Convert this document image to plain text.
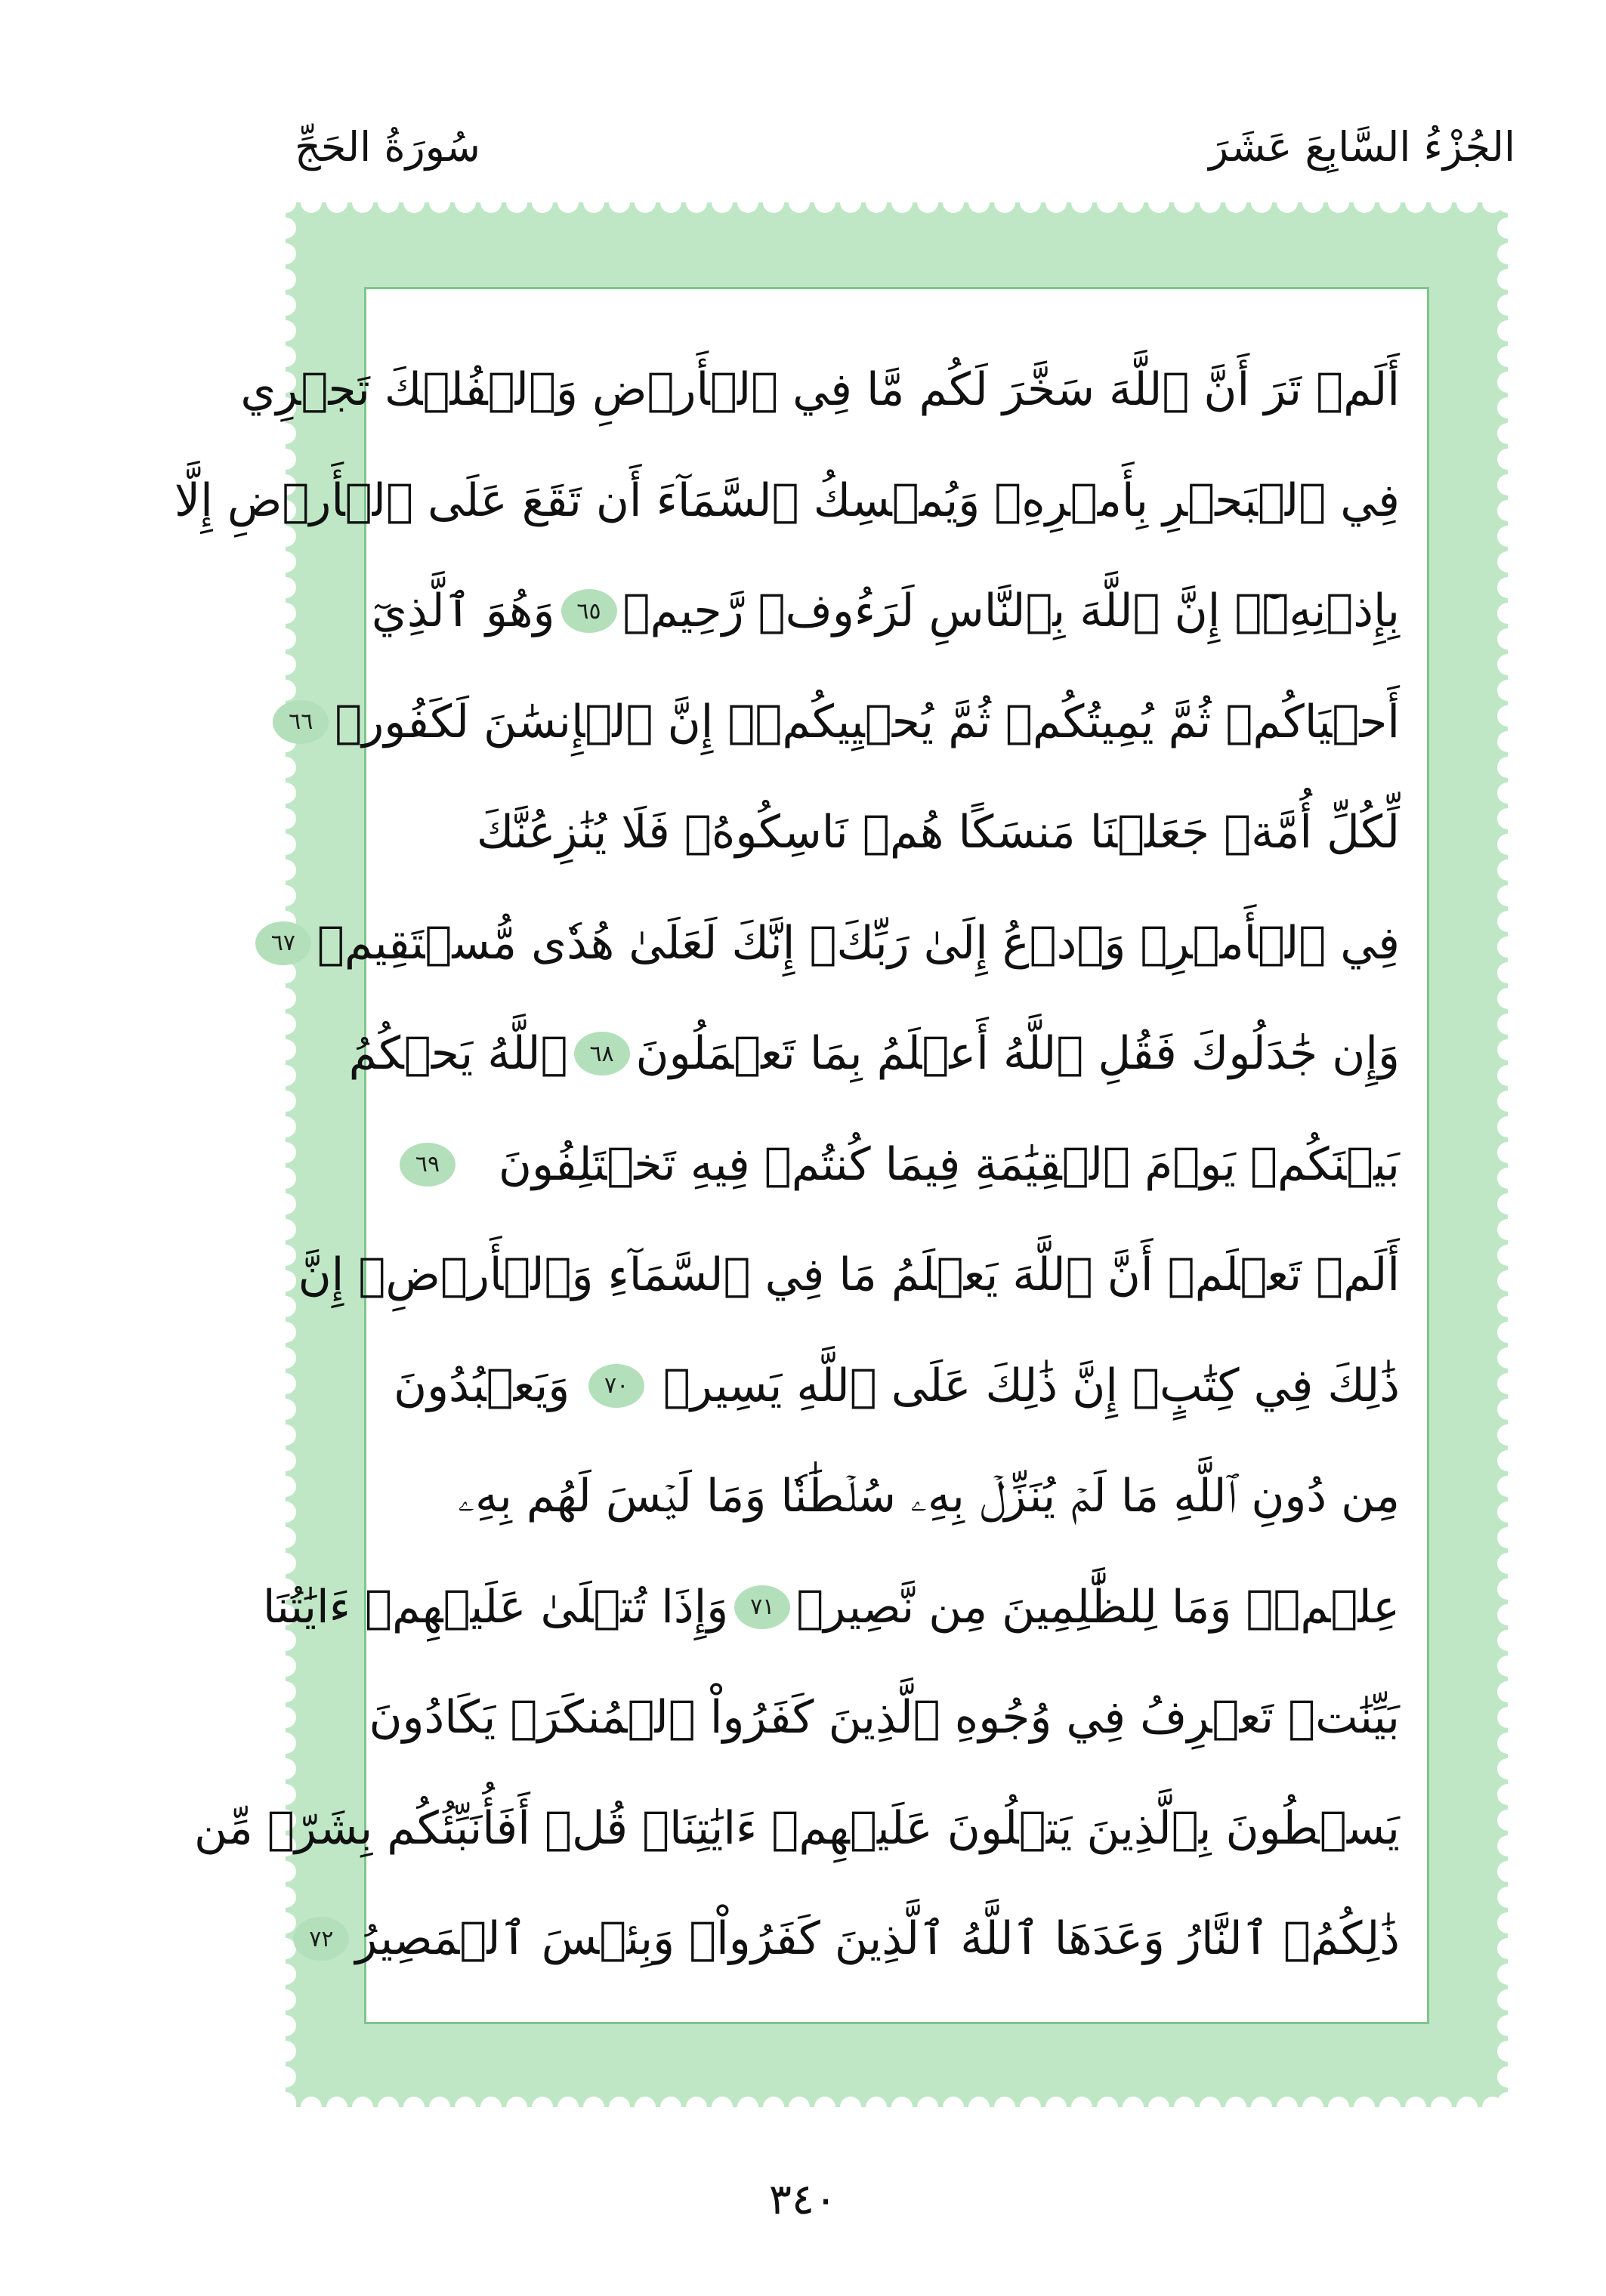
الجُزْءُ السَّابِعَ عَشَرَ
سُورَةُ الحَجِّ
أَلَمۡ تَرَ أَنَّ ٱللَّهَ سَخَّرَ لَكُم مَّا فِي ٱلۡأَرۡضِ وَٱلۡفُلۡكَ تَجۡرِي
فِي ٱلۡبَحۡرِ بِأَمۡرِهِۦ وَيُمۡسِكُ ٱلسَّمَآءَ أَن تَقَعَ عَلَى ٱلۡأَرۡضِ إِلَّا
بِإِذۡنِهِۦٓۚ إِنَّ ٱللَّهَ بِٱلنَّاسِ لَرَءُوفٞ رَّحِيمٞ
٦٥
وَهُوَ ٱلَّذِيٓ
أَحۡيَاكُمۡ ثُمَّ يُمِيتُكُمۡ ثُمَّ يُحۡيِيكُمۡۗ إِنَّ ٱلۡإِنسَٰنَ لَكَفُورٞ
٦٦
لِّكُلِّ أُمَّةٖ جَعَلۡنَا مَنسَكًا هُمۡ نَاسِكُوهُۖ فَلَا يُنَٰزِعُنَّكَ
فِي ٱلۡأَمۡرِۚ وَٱدۡعُ إِلَىٰ رَبِّكَۖ إِنَّكَ لَعَلَىٰ هُدٗى مُّسۡتَقِيمٖ
٦٧
وَإِن جَٰدَلُوكَ فَقُلِ ٱللَّهُ أَعۡلَمُ بِمَا تَعۡمَلُونَ
٦٨
ٱللَّهُ يَحۡكُمُ
بَيۡنَكُمۡ يَوۡمَ ٱلۡقِيَٰمَةِ فِيمَا كُنتُمۡ فِيهِ تَخۡتَلِفُونَ
٦٩
أَلَمۡ تَعۡلَمۡ أَنَّ ٱللَّهَ يَعۡلَمُ مَا فِي ٱلسَّمَآءِ وَٱلۡأَرۡضِۚ إِنَّ
ذَٰلِكَ فِي كِتَٰبٍۚ إِنَّ ذَٰلِكَ عَلَى ٱللَّهِ يَسِيرٞ
٧٠
وَيَعۡبُدُونَ
مِن دُونِ ٱللَّهِ مَا لَمۡ يُنَزِّلۡ بِهِۦ سُلۡطَٰنٗا وَمَا لَيۡسَ لَهُم بِهِۦ
عِلۡمٞۗ وَمَا لِلظَّٰلِمِينَ مِن نَّصِيرٖ
٧١
وَإِذَا تُتۡلَىٰ عَلَيۡهِمۡ ءَايَٰتُنَا
بَيِّنَٰتٖ تَعۡرِفُ فِي وُجُوهِ ٱلَّذِينَ كَفَرُواْ ٱلۡمُنكَرَۖ يَكَادُونَ
يَسۡطُونَ بِٱلَّذِينَ يَتۡلُونَ عَلَيۡهِمۡ ءَايَٰتِنَاۗ قُلۡ أَفَأُنَبِّئُكُم بِشَرّٖ مِّن
ذَٰلِكُمُۚ ٱلنَّارُ وَعَدَهَا ٱللَّهُ ٱلَّذِينَ كَفَرُواْۖ وَبِئۡسَ ٱلۡمَصِيرُ
٧٢
٣٤٠
